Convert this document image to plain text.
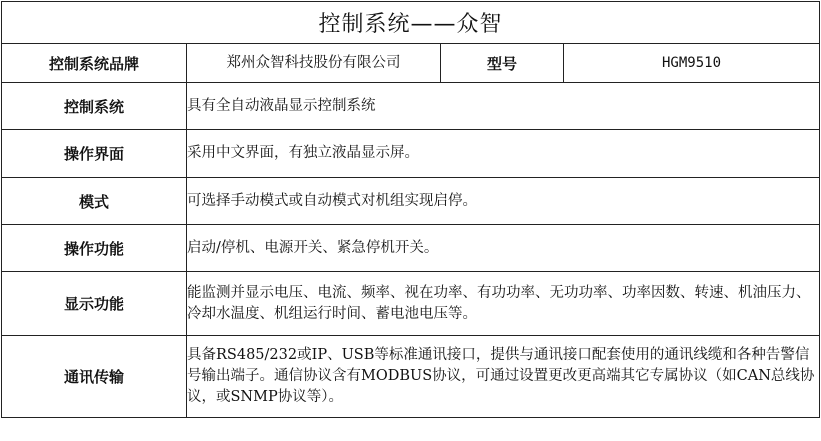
控制系统——众智			
控制系统品牌	郑州众智科技股份有限公司	型号	HGM9510
控制系统	具有全自动液晶显示控制系统		
操作界面	采用中文界面，有独立液晶显示屏。		
模式	可选择手动模式或自动模式对机组实现启停。		
操作功能	启动/停机、电源开关、紧急停机开关。		
显示功能	能监测并显示电压、电流、频率、视在功率、有功功率、无功功率、功率因数、转速、机油压力、冷却水温度、机组运行时间、蓄电池电压等。		
通讯传输	具备RS485/232或IP、USB等标准通讯接口，提供与通讯接口配套使用的通讯线缆和各种告警信号输出端子。通信协议含有MODBUS协议，可通过设置更改更高端其它专属协议（如CAN总线协议，或SNMP协议等）。		
